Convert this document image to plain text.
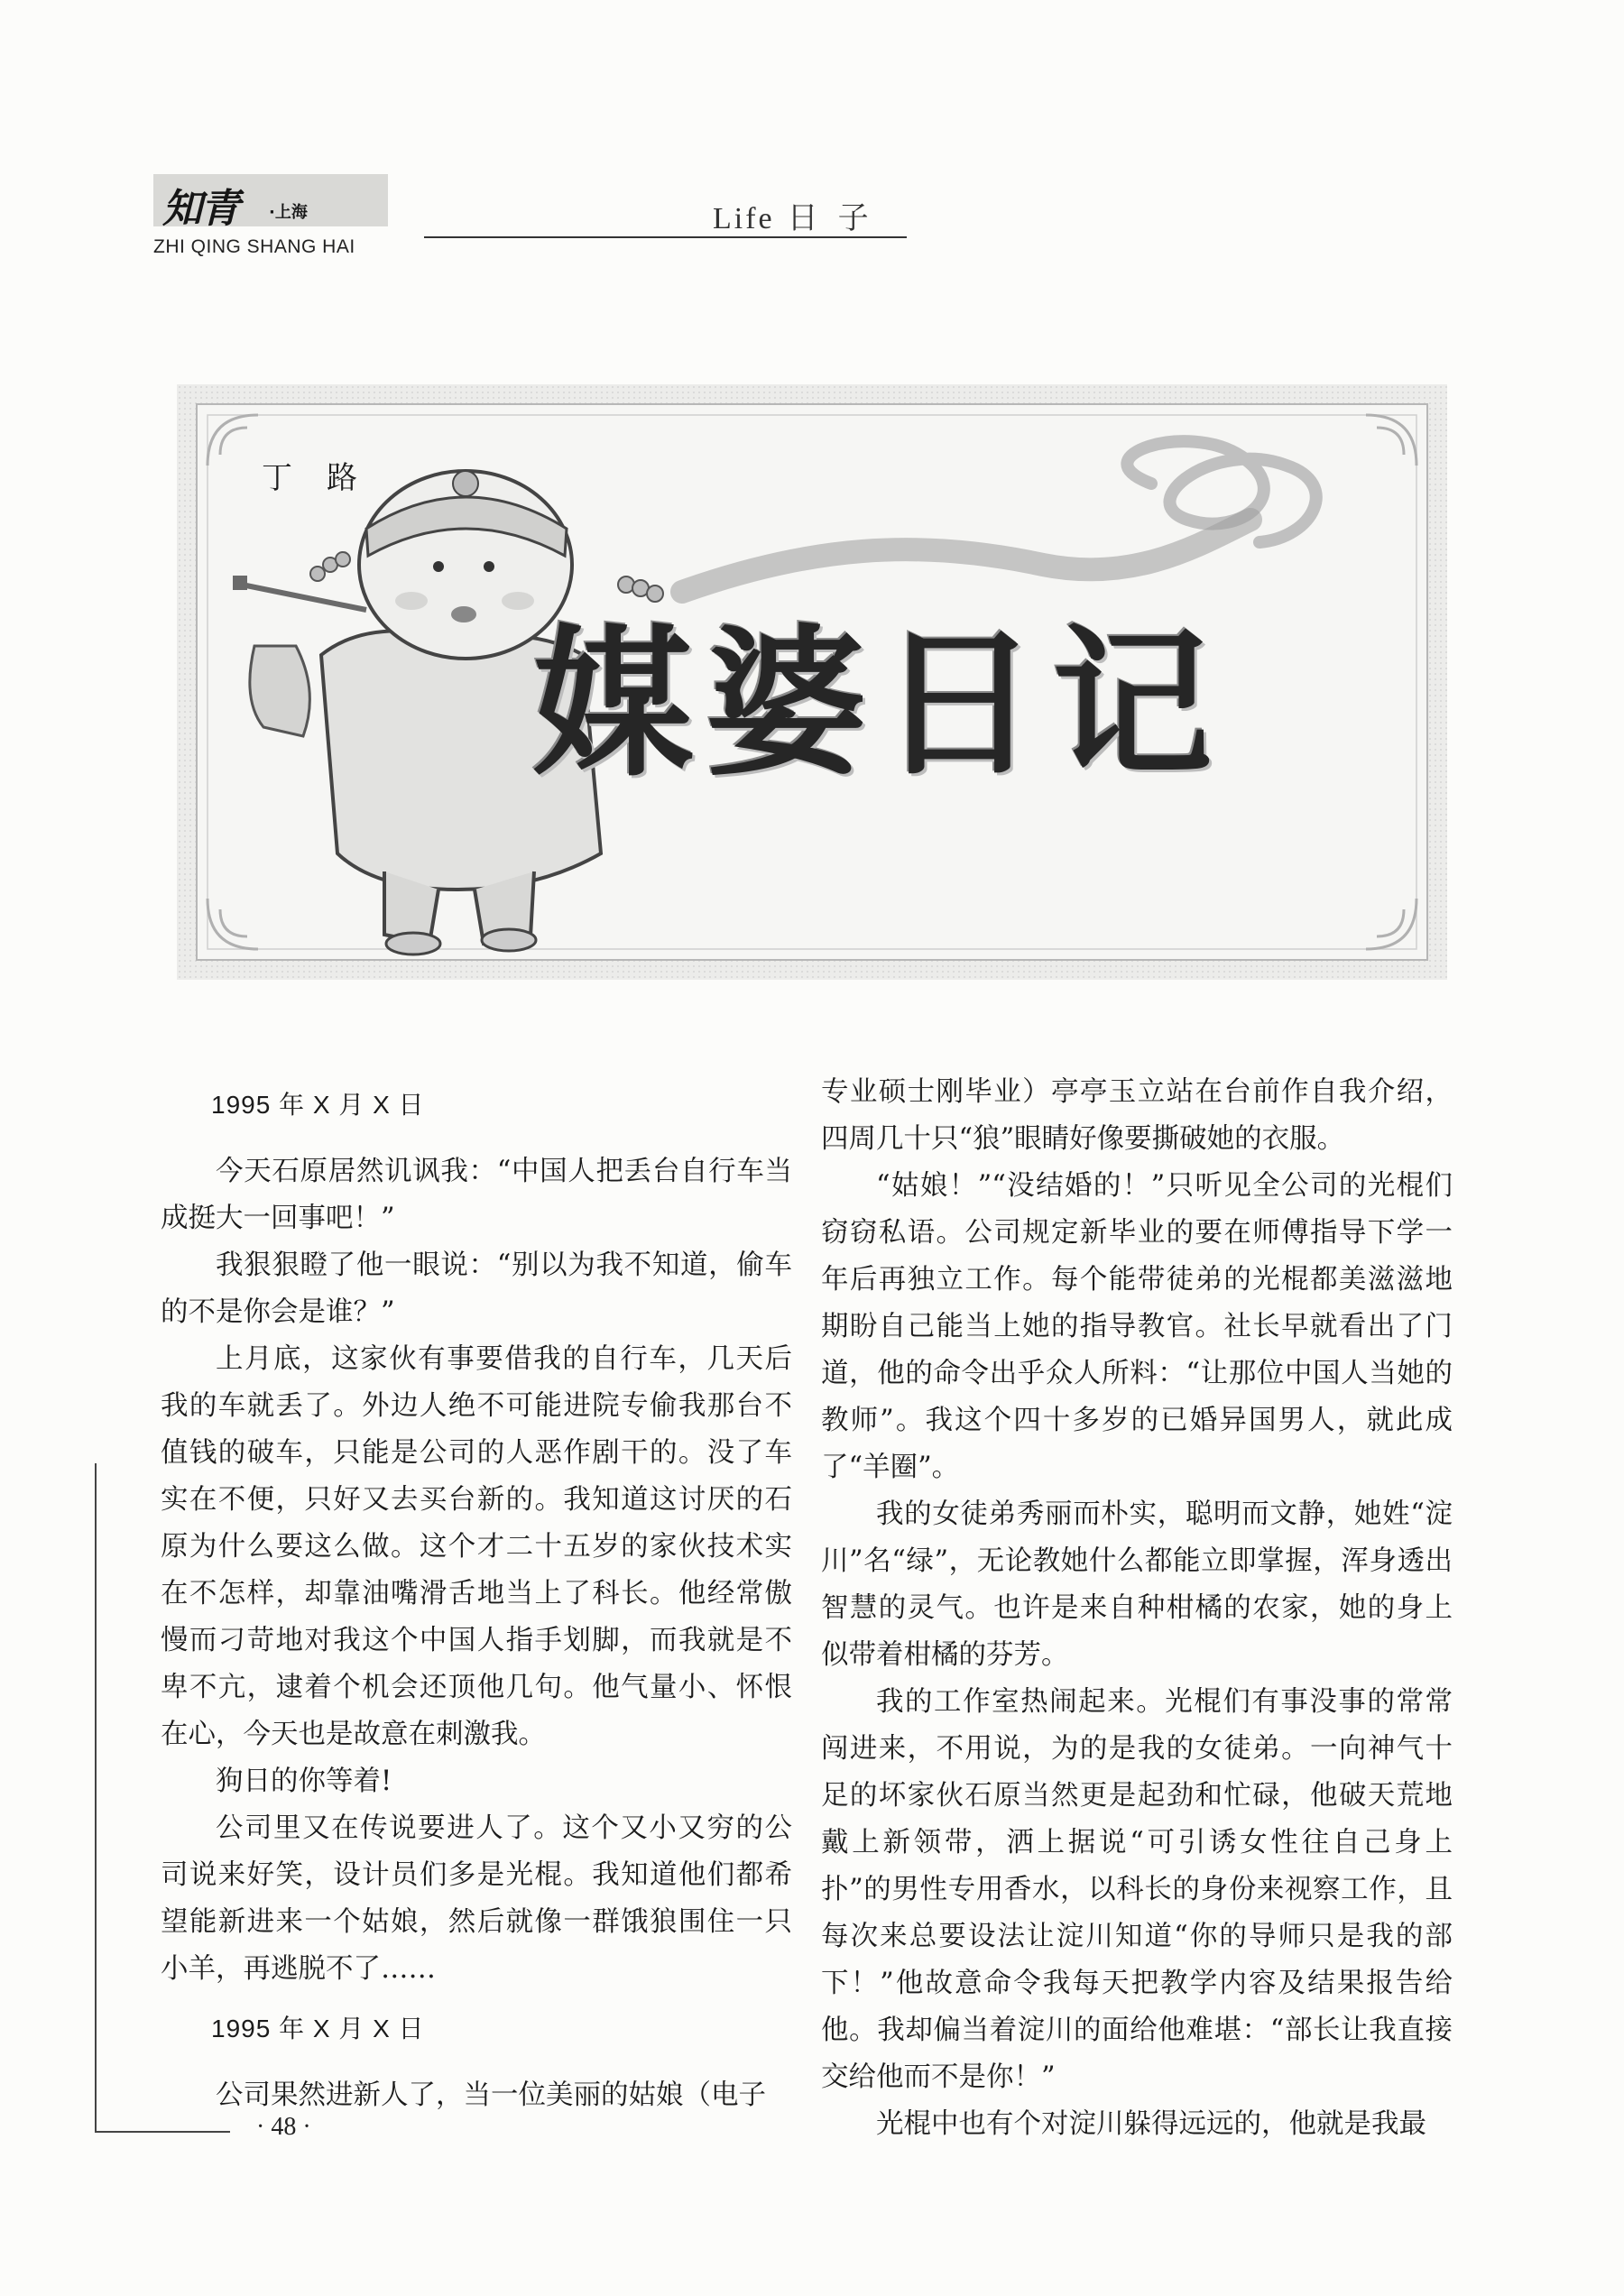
知青 ·上海
ZHI QING SHANG HAI
Life 日子
丁路
媒婆日记

1995 年 X 月 X 日

今天石原居然讥讽我：“中国人把丢台自行车当成挺大一回事吧！”

我狠狠瞪了他一眼说：“别以为我不知道，偷车的不是你会是谁？”

上月底，这家伙有事要借我的自行车，几天后我的车就丢了。外边人绝不可能进院专偷我那台不值钱的破车，只能是公司的人恶作剧干的。没了车实在不便，只好又去买台新的。我知道这讨厌的石原为什么要这么做。这个才二十五岁的家伙技术实在不怎样，却靠油嘴滑舌地当上了科长。他经常傲慢而刁苛地对我这个中国人指手划脚，而我就是不卑不亢，逮着个机会还顶他几句。他气量小、怀恨在心，今天也是故意在刺激我。

狗日的你等着!

公司里又在传说要进人了。这个又小又穷的公司说来好笑，设计员们多是光棍。我知道他们都希望能新进来一个姑娘，然后就像一群饿狼围住一只小羊，再逃脱不了……

1995 年 X 月 X 日

公司果然进新人了，当一位美丽的姑娘（电子

专业硕士刚毕业）亭亭玉立站在台前作自我介绍，四周几十只“狼”眼睛好像要撕破她的衣服。

“姑娘！”“没结婚的！”只听见全公司的光棍们窃窃私语。公司规定新毕业的要在师傅指导下学一年后再独立工作。每个能带徒弟的光棍都美滋滋地期盼自己能当上她的指导教官。社长早就看出了门道，他的命令出乎众人所料：“让那位中国人当她的教师”。我这个四十多岁的已婚异国男人，就此成了“羊圈”。

我的女徒弟秀丽而朴实，聪明而文静，她姓“淀川”名“绿”，无论教她什么都能立即掌握，浑身透出智慧的灵气。也许是来自种柑橘的农家，她的身上似带着柑橘的芬芳。

我的工作室热闹起来。光棍们有事没事的常常闯进来，不用说，为的是我的女徒弟。一向神气十足的坏家伙石原当然更是起劲和忙碌，他破天荒地戴上新领带，洒上据说“可引诱女性往自己身上扑”的男性专用香水，以科长的身份来视察工作，且每次来总要设法让淀川知道“你的导师只是我的部下！”他故意命令我每天把教学内容及结果报告给他。我却偏当着淀川的面给他难堪：“部长让我直接交给他而不是你！”

光棍中也有个对淀川躲得远远的，他就是我最

· 48 ·
